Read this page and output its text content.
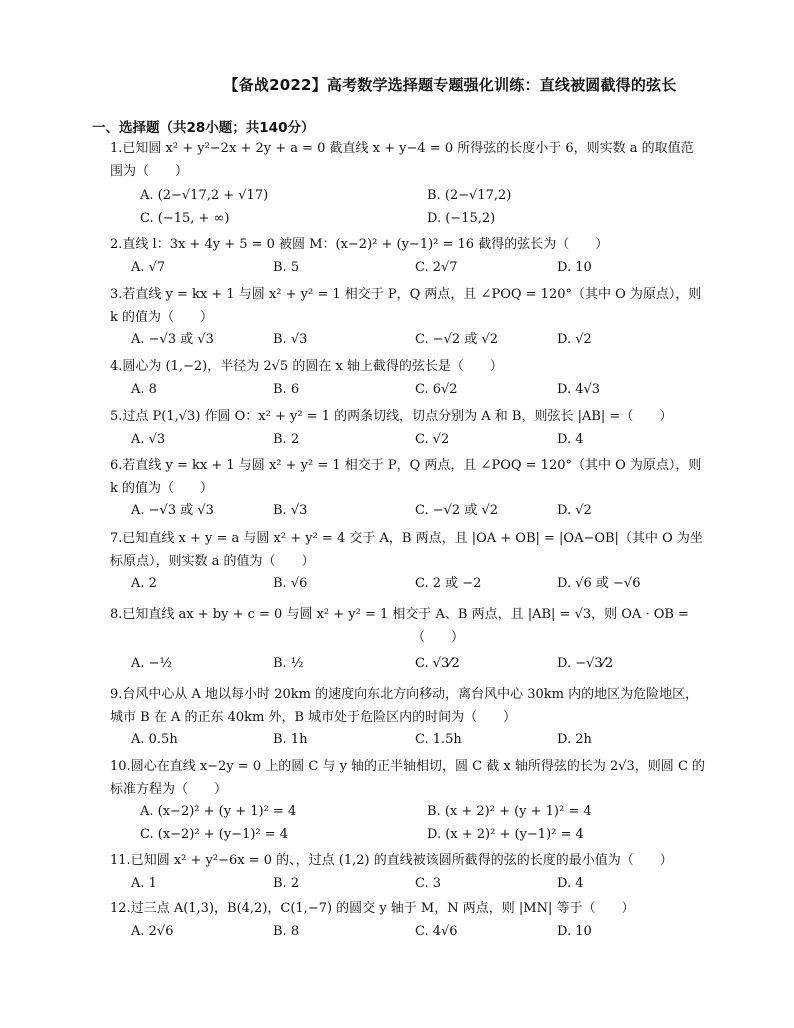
【备战2022】高考数学选择题专题强化训练：直线被圆截得的弦长
一、选择题（共28小题；共140分）
1.已知圆 x² + y²−2x + 2y + a = 0 截直线 x + y−4 = 0 所得弦的长度小于 6，则实数 a 的取值范围为（　　）
A. (2−√17,2 + √17)	B. (2−√17,2)
C. (−15, + ∞)	D. (−15,2)
2.直线 l：3x + 4y + 5 = 0 被圆 M：(x−2)² + (y−1)² = 16 截得的弦长为（　　）
A. √7	B. 5	C. 2√7	D. 10
3.若直线 y = kx + 1 与圆 x² + y² = 1 相交于 P，Q 两点，且 ∠POQ = 120°（其中 O 为原点），则 k 的值为（　　）
A. −√3 或 √3	B. √3	C. −√2 或 √2	D. √2
4.圆心为 (1,−2)，半径为 2√5 的圆在 x 轴上截得的弦长是（　　）
A. 8	B. 6	C. 6√2	D. 4√3
5.过点 P(1,√3) 作圆 O：x² + y² = 1 的两条切线，切点分别为 A 和 B，则弦长 |AB| =（　　）
A. √3	B. 2	C. √2	D. 4
6.若直线 y = kx + 1 与圆 x² + y² = 1 相交于 P，Q 两点，且 ∠POQ = 120°（其中 O 为原点），则 k 的值为（　　）
A. −√3 或 √3	B. √3	C. −√2 或 √2	D. √2
7.已知直线 x + y = a 与圆 x² + y² = 4 交于 A，B 两点，且 |OA + OB| = |OA−OB|（其中 O 为坐标原点），则实数 a 的值为（　　）
A. 2	B. √6	C. 2 或 −2	D. √6 或 −√6
8.已知直线 ax + by + c = 0 与圆 x² + y² = 1 相交于 A、B 两点，且 |AB| = √3，则 OA · OB =
（　　）
A. −½	B. ½	C. √3⁄2	D. −√3⁄2
9.台风中心从 A 地以每小时 20km 的速度向东北方向移动，离台风中心 30km 内的地区为危险地区，城市 B 在 A 的正东 40km 外，B 城市处于危险区内的时间为（　　）
A. 0.5h	B. 1h	C. 1.5h	D. 2h
10.圆心在直线 x−2y = 0 上的圆 C 与 y 轴的正半轴相切，圆 C 截 x 轴所得弦的长为 2√3，则圆 C 的标准方程为（　　）
A. (x−2)² + (y + 1)² = 4	B. (x + 2)² + (y + 1)² = 4
C. (x−2)² + (y−1)² = 4	D. (x + 2)² + (y−1)² = 4
11.已知圆 x² + y²−6x = 0 的、，过点 (1,2) 的直线被该圆所截得的弦的长度的最小值为（　　）
A. 1	B. 2	C. 3	D. 4
12.过三点 A(1,3)，B(4,2)，C(1,−7) 的圆交 y 轴于 M，N 两点，则 |MN| 等于（　　）
A. 2√6	B. 8	C. 4√6	D. 10
